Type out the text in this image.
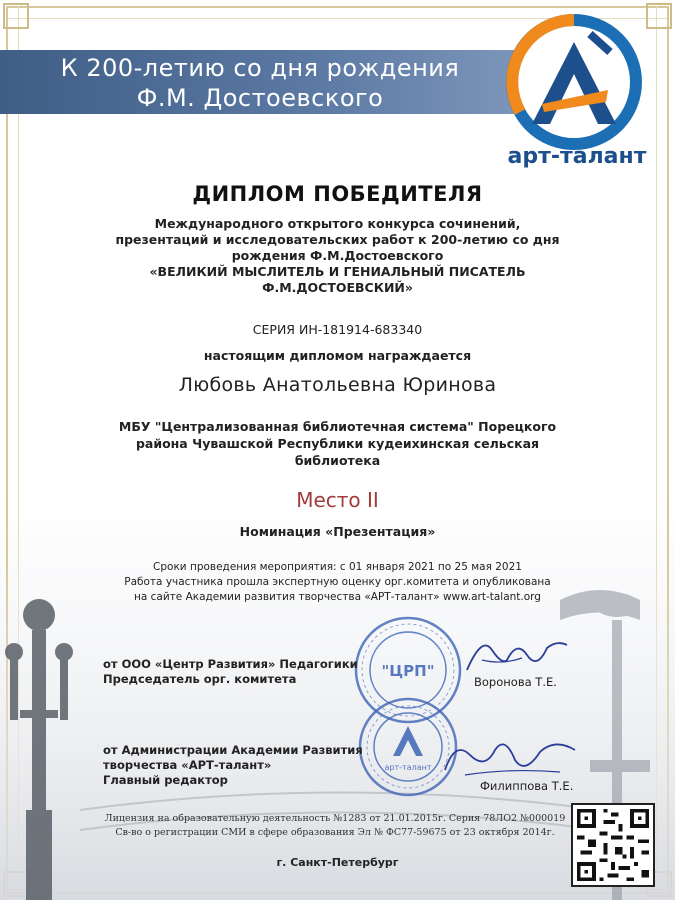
К 200-летию со дня рождения
Ф.М. Достоевского
арт-талант
ДИПЛОМ ПОБЕДИТЕЛЯ
Международного открытого конкурса сочинений,
презентаций и исследовательских работ к 200-летию со дня
рождения Ф.М.Достоевского
«ВЕЛИКИЙ МЫСЛИТЕЛЬ И ГЕНИАЛЬНЫЙ ПИСАТЕЛЬ
Ф.М.ДОСТОЕВСКИЙ»
СЕРИЯ ИН-181914-683340
настоящим дипломом награждается
Любовь Анатольевна Юринова
МБУ "Централизованная библиотечная система" Порецкого
района Чувашской Республики кудеихинская сельская
библиотека
Место II
Номинация «Презентация»
Сроки проведения мероприятия: с 01 января 2021 по 25 мая 2021
Работа участника прошла экспертную оценку орг.комитета и опубликована
на сайте Академии развития творчества «АРТ-талант» www.art-talant.org
"ЦРП"
арт-талант
от ООО «Центр Развития» Педагогики
Председатель орг. комитета	Воронова Т.Е.
от Администрации Академии Развития
творчества «АРТ-талант»
Главный редактор	Филиппова Т.Е.
Лицензия на образовательную деятельность №1283 от 21.01.2015г. Серия 78ЛО2 №000019
Св-во о регистрации СМИ в сфере образования Эл № ФС77-59675 от 23 октября 2014г.
г. Санкт-Петербург
